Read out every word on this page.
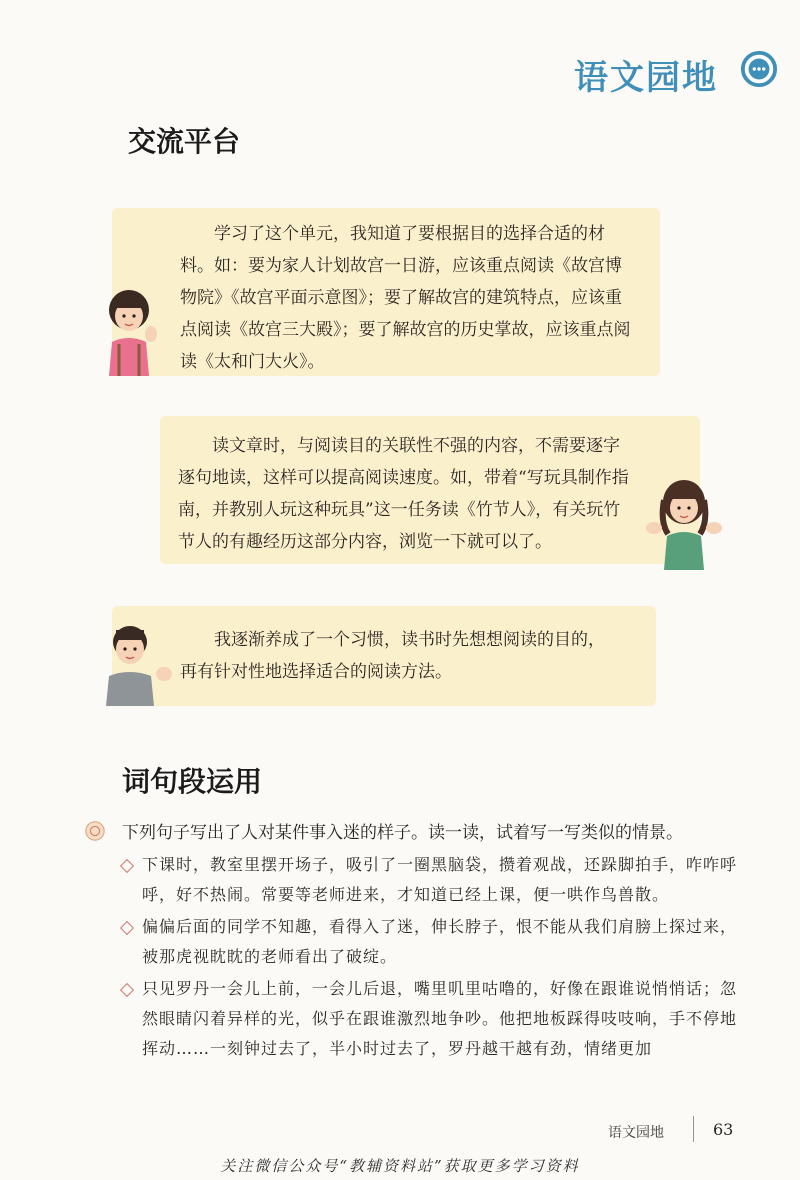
语文园地
交流平台

学习了这个单元，我知道了要根据目的选择合适的材料。如：要为家人计划故宫一日游，应该重点阅读《故宫博物院》《故宫平面示意图》；要了解故宫的建筑特点，应该重点阅读《故宫三大殿》；要了解故宫的历史掌故，应该重点阅读《太和门大火》。

读文章时，与阅读目的关联性不强的内容，不需要逐字逐句地读，这样可以提高阅读速度。如，带着“写玩具制作指南，并教别人玩这种玩具”这一任务读《竹节人》，有关玩竹节人的有趣经历这部分内容，浏览一下就可以了。

我逐渐养成了一个习惯，读书时先想想阅读的目的，再有针对性地选择适合的阅读方法。

词句段运用
下列句子写出了人对某件事入迷的样子。读一读，试着写一写类似的情景。
下课时，教室里摆开场子，吸引了一圈黑脑袋，攒着观战，还跺脚拍手，咋咋呼呼，好不热闹。常要等老师进来，才知道已经上课，便一哄作鸟兽散。
偏偏后面的同学不知趣，看得入了迷，伸长脖子，恨不能从我们肩膀上探过来，被那虎视眈眈的老师看出了破绽。
只见罗丹一会儿上前，一会儿后退，嘴里叽里咕噜的，好像在跟谁说悄悄话；忽然眼睛闪着异样的光，似乎在跟谁激烈地争吵。他把地板踩得吱吱响，手不停地挥动……一刻钟过去了，半小时过去了，罗丹越干越有劲，情绪更加
语文园地	63
关注微信公众号“教辅资料站”获取更多学习资料
